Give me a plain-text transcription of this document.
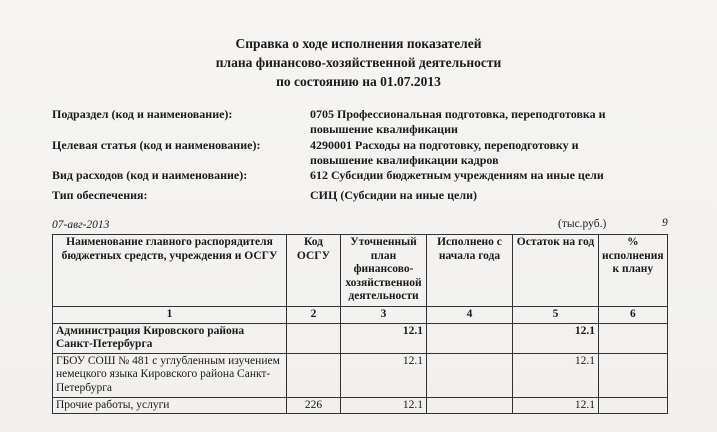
Справка о ходе исполнения показателей
плана финансово-хозяйственной деятельности
по состоянию на 01.07.2013
Подраздел (код и наименование):	0705 Профессиональная подготовка, переподготовка и повышение квалификации
Целевая статья (код и наименование):	4290001 Расходы на подготовку, переподготовку и повышение квалификации кадров
Вид расходов (код и наименование):	612 Субсидии бюджетным учреждениям на иные цели
Тип обеспечения:	СИЦ (Субсидии на иные цели)
07-авг-2013	(тыс.руб.)	9
Наименование главного распорядителя бюджетных средств, учреждения и ОСГУ	Код ОСГУ	Уточненный план финансово-хозяйственной деятельности	Исполнено с начала года	Остаток на год	% исполнения к плану
1	2	3	4	5	6
Администрация Кировского района Санкт-Петербурга		12.1		12.1	
ГБОУ СОШ № 481 с углубленным изучением немецкого языка Кировского района Санкт-Петербурга		12.1		12.1	
Прочие работы, услуги	226	12.1		12.1	
